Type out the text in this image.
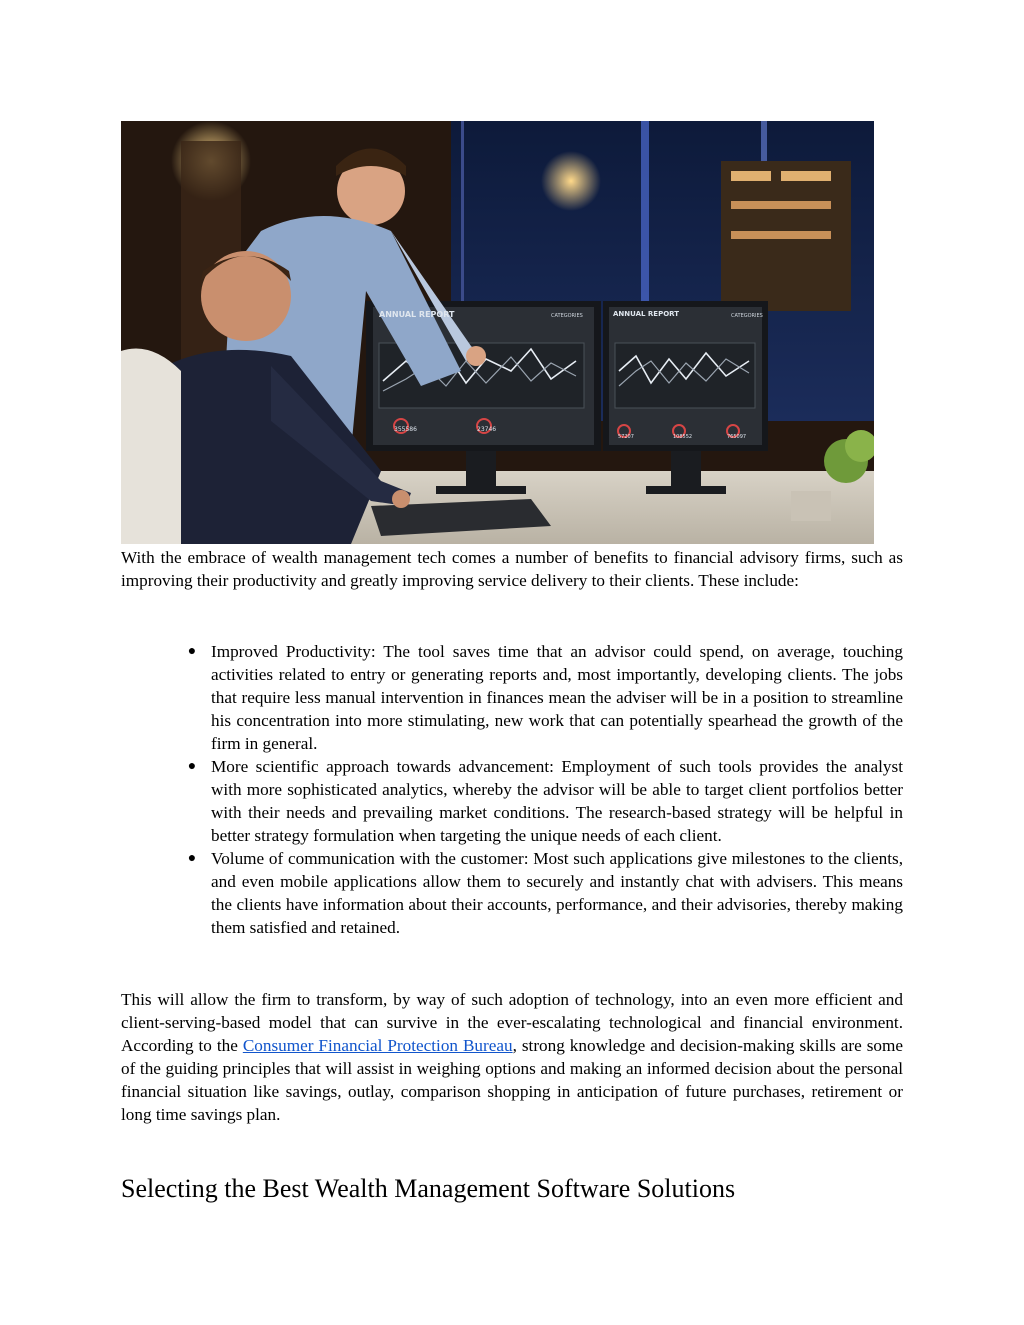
ANNUAL REPORT	CATEGORIES
355586	23746
ANNUAL REPORT	CATEGORIES
57207	108552	765097

With the embrace of wealth management tech comes a number of benefits to financial advisory firms, such as improving their productivity and greatly improving service delivery to their clients. These include:

● Improved Productivity: The tool saves time that an advisor could spend, on average, touching activities related to entry or generating reports and, most importantly, developing clients. The jobs that require less manual intervention in finances mean the adviser will be in a position to streamline his concentration into more stimulating, new work that can potentially spearhead the growth of the firm in general.
● More scientific approach towards advancement: Employment of such tools provides the analyst with more sophisticated analytics, whereby the advisor will be able to target client portfolios better with their needs and prevailing market conditions. The research-based strategy will be helpful in better strategy formulation when targeting the unique needs of each client.
● Volume of communication with the customer: Most such applications give milestones to the clients, and even mobile applications allow them to securely and instantly chat with advisers. This means the clients have information about their accounts, performance, and their advisories, thereby making them satisfied and retained.

This will allow the firm to transform, by way of such adoption of technology, into an even more efficient and client-serving-based model that can survive in the ever-escalating technological and financial environment. According to the Consumer Financial Protection Bureau, strong knowledge and decision-making skills are some of the guiding principles that will assist in weighing options and making an informed decision about the personal financial situation like savings, outlay, comparison shopping in anticipation of future purchases, retirement or long time savings plan.

Selecting the Best Wealth Management Software Solutions
